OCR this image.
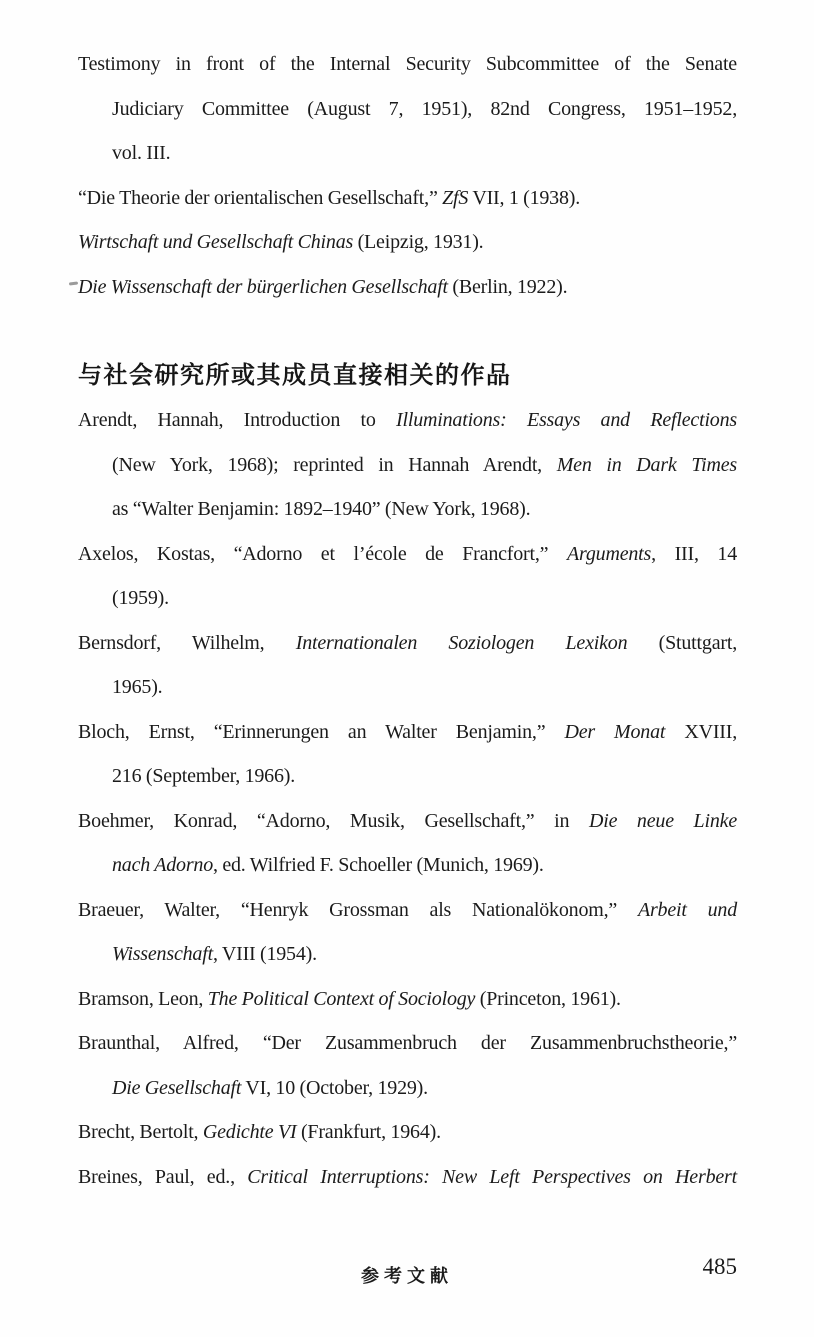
Testimony in front of the Internal Security Subcommittee of the Senate
Judiciary Committee (August 7, 1951), 82nd Congress, 1951–1952,
vol. III.
“Die Theorie der orientalischen Gesellschaft,” ZfS VII, 1 (1938).
Wirtschaft und Gesellschaft Chinas (Leipzig, 1931).
Die Wissenschaft der bürgerlichen Gesellschaft (Berlin, 1922).
与社会研究所或其成员直接相关的作品
Arendt, Hannah, Introduction to Illuminations: Essays and Reflections
(New York, 1968); reprinted in Hannah Arendt, Men in Dark Times
as “Walter Benjamin: 1892–1940” (New York, 1968).
Axelos, Kostas, “Adorno et l’école de Francfort,” Arguments, III, 14
(1959).
Bernsdorf, Wilhelm, Internationalen Soziologen Lexikon (Stuttgart,
1965).
Bloch, Ernst, “Erinnerungen an Walter Benjamin,” Der Monat XVIII,
216 (September, 1966).
Boehmer, Konrad, “Adorno, Musik, Gesellschaft,” in Die neue Linke
nach Adorno, ed. Wilfried F. Schoeller (Munich, 1969).
Braeuer, Walter, “Henryk Grossman als Nationalökonom,” Arbeit und
Wissenschaft, VIII (1954).
Bramson, Leon, The Political Context of Sociology (Princeton, 1961).
Braunthal, Alfred, “Der Zusammenbruch der Zusammenbruchstheorie,”
Die Gesellschaft VI, 10 (October, 1929).
Brecht, Bertolt, Gedichte VI (Frankfurt, 1964).
Breines, Paul, ed., Critical Interruptions: New Left Perspectives on Herbert
参考文献	485
